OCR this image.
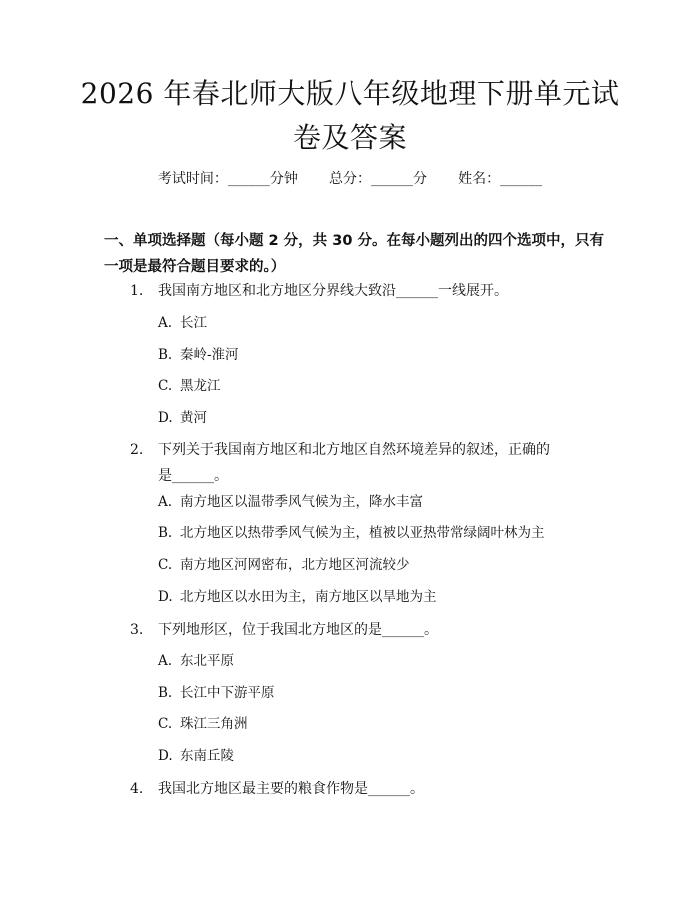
2026 年春北师大版八年级地理下册单元试卷及答案
考试时间：______分钟 总分：______分 姓名：______
一、单项选择题（每小题 2 分，共 30 分。在每小题列出的四个选项中，只有一项是最符合题目要求的。）
1.	我国南方地区和北方地区分界线大致沿______一线展开。
A. 长江
B. 秦岭-淮河
C. 黑龙江
D. 黄河
2.	下列关于我国南方地区和北方地区自然环境差异的叙述，正确的是______。
A. 南方地区以温带季风气候为主，降水丰富
B. 北方地区以热带季风气候为主，植被以亚热带常绿阔叶林为主
C. 南方地区河网密布，北方地区河流较少
D. 北方地区以水田为主，南方地区以旱地为主
3.	下列地形区，位于我国北方地区的是______。
A. 东北平原
B. 长江中下游平原
C. 珠江三角洲
D. 东南丘陵
4.	我国北方地区最主要的粮食作物是______。
